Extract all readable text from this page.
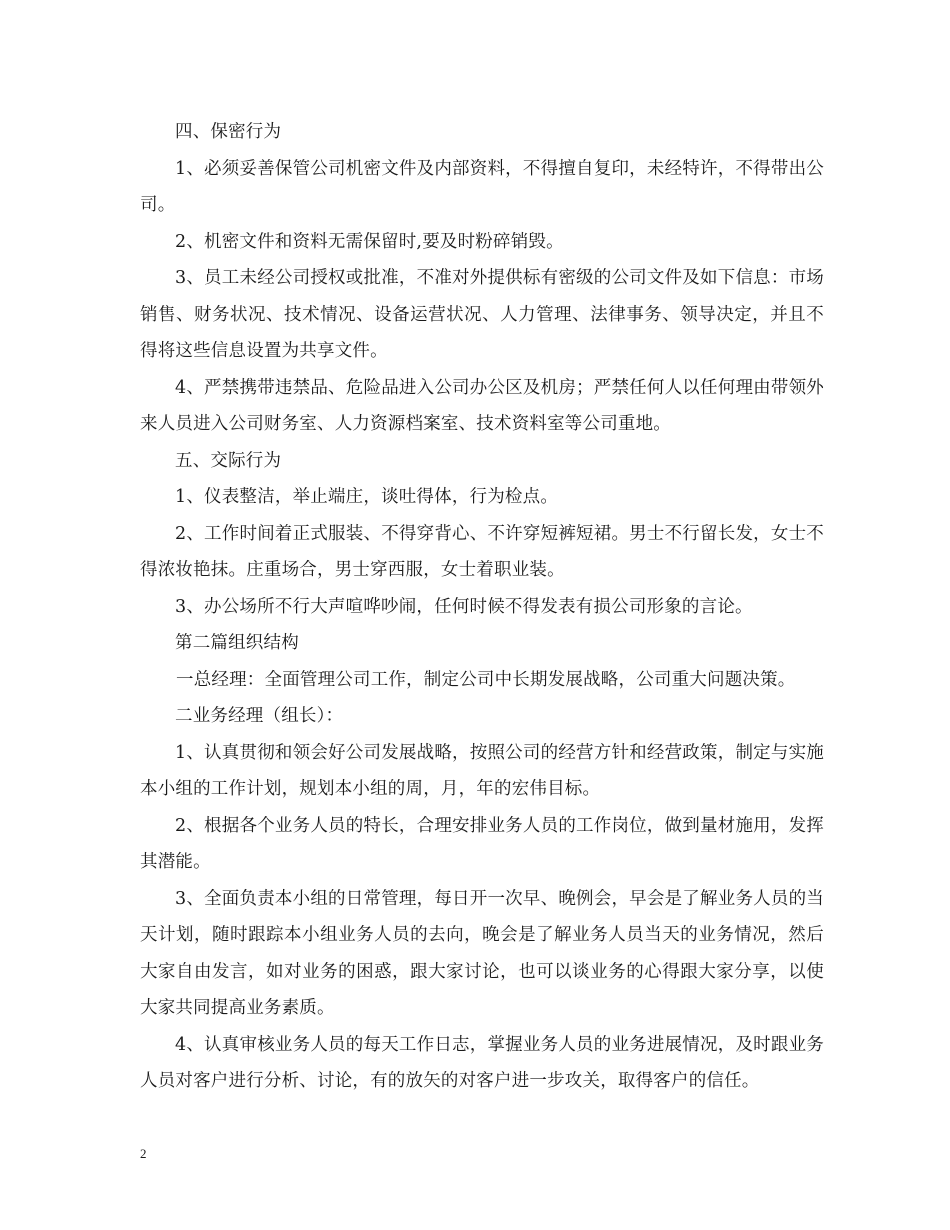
四、保密行为

1、必须妥善保管公司机密文件及内部资料，不得擅自复印，未经特许，不得带出公司。

2、机密文件和资料无需保留时,要及时粉碎销毁。

3、员工未经公司授权或批准，不准对外提供标有密级的公司文件及如下信息：市场销售、财务状况、技术情况、设备运营状况、人力管理、法律事务、领导决定，并且不得将这些信息设置为共享文件。

4、严禁携带违禁品、危险品进入公司办公区及机房；严禁任何人以任何理由带领外来人员进入公司财务室、人力资源档案室、技术资料室等公司重地。

五、交际行为

1、仪表整洁，举止端庄，谈吐得体，行为检点。

2、工作时间着正式服装、不得穿背心、不许穿短裤短裙。男士不行留长发，女士不得浓妆艳抹。庄重场合，男士穿西服，女士着职业装。

3、办公场所不行大声喧哗吵闹，任何时候不得发表有损公司形象的言论。

第二篇组织结构

一总经理：全面管理公司工作，制定公司中长期发展战略，公司重大问题决策。

二业务经理（组长）：

1、认真贯彻和领会好公司发展战略，按照公司的经营方针和经营政策，制定与实施本小组的工作计划，规划本小组的周，月，年的宏伟目标。

2、根据各个业务人员的特长，合理安排业务人员的工作岗位，做到量材施用，发挥其潜能。

3、全面负责本小组的日常管理，每日开一次早、晚例会，早会是了解业务人员的当天计划，随时跟踪本小组业务人员的去向，晚会是了解业务人员当天的业务情况，然后大家自由发言，如对业务的困惑，跟大家讨论，也可以谈业务的心得跟大家分享，以使大家共同提高业务素质。

4、认真审核业务人员的每天工作日志，掌握业务人员的业务进展情况，及时跟业务人员对客户进行分析、讨论，有的放矢的对客户进一步攻关，取得客户的信任。

2
